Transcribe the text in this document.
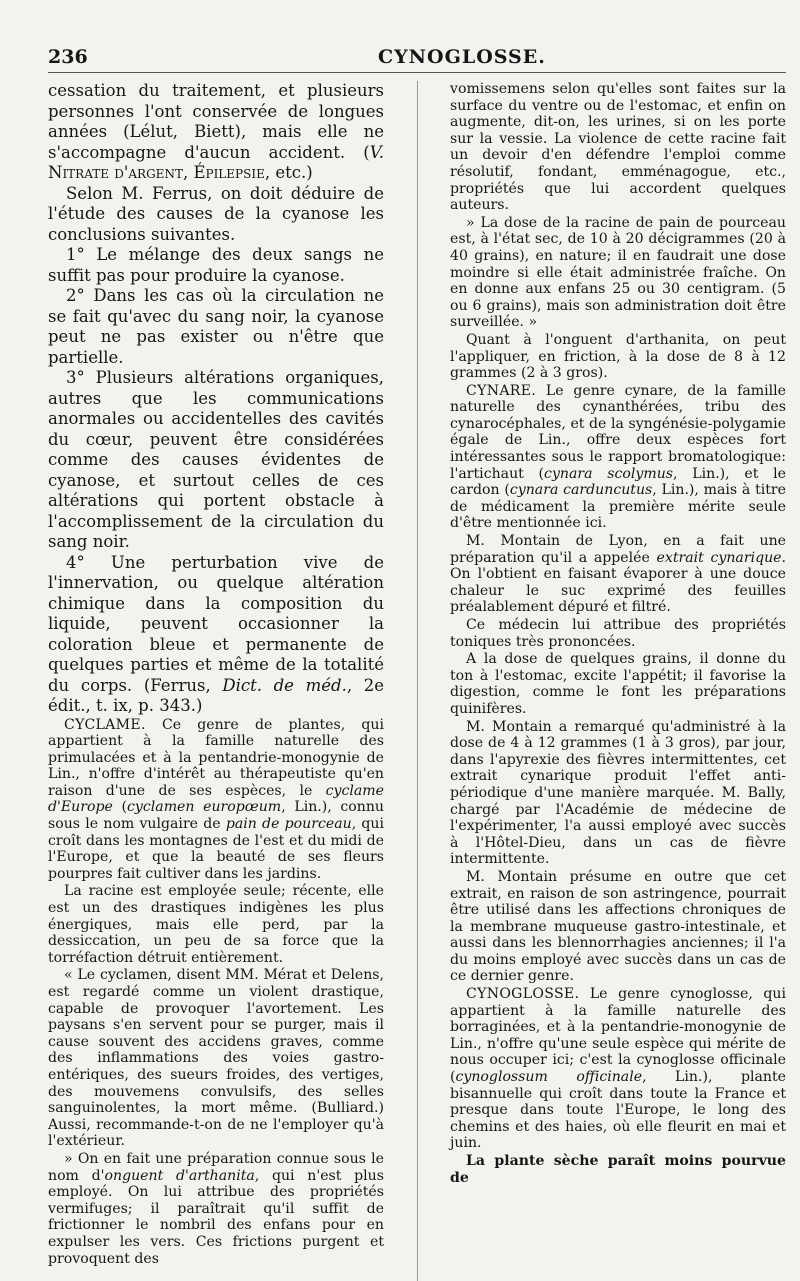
236	CYNOGLOSSE.

cessation du traitement, et plusieurs personnes l'ont conservée de longues années (Lélut, Biett), mais elle ne s'accompagne d'aucun accident. (V. Nitrate d'argent, Épilepsie, etc.)

Selon M. Ferrus, on doit déduire de l'étude des causes de la cyanose les conclusions suivantes.

1° Le mélange des deux sangs ne suffit pas pour produire la cyanose.

2° Dans les cas où la circulation ne se fait qu'avec du sang noir, la cyanose peut ne pas exister ou n'être que partielle.

3° Plusieurs altérations organiques, autres que les communications anormales ou accidentelles des cavités du cœur, peuvent être considérées comme des causes évidentes de cyanose, et surtout celles de ces altérations qui portent obstacle à l'accomplissement de la circulation du sang noir.

4° Une perturbation vive de l'innervation, ou quelque altération chimique dans la composition du liquide, peuvent occasionner la coloration bleue et permanente de quelques parties et même de la totalité du corps. (Ferrus, Dict. de méd., 2e édit., t. ix, p. 343.)

CYCLAME. Ce genre de plantes, qui appartient à la famille naturelle des primulacées et à la pentandrie-monogynie de Lin., n'offre d'intérêt au thérapeutiste qu'en raison d'une de ses espèces, le cyclame d'Europe (cyclamen europœum, Lin.), connu sous le nom vulgaire de pain de pourceau, qui croît dans les montagnes de l'est et du midi de l'Europe, et que la beauté de ses fleurs pourpres fait cultiver dans les jardins.

La racine est employée seule; récente, elle est un des drastiques indigènes les plus énergiques, mais elle perd, par la dessiccation, un peu de sa force que la torréfaction détruit entièrement.

« Le cyclamen, disent MM. Mérat et Delens, est regardé comme un violent drastique, capable de provoquer l'avortement. Les paysans s'en servent pour se purger, mais il cause souvent des accidens graves, comme des inflammations des voies gastro-entériques, des sueurs froides, des vertiges, des mouvemens convulsifs, des selles sanguinolentes, la mort même. (Bulliard.) Aussi, recommande-t-on de ne l'employer qu'à l'extérieur.

» On en fait une préparation connue sous le nom d'onguent d'arthanita, qui n'est plus employé. On lui attribue des propriétés vermifuges; il paraîtrait qu'il suffit de frictionner le nombril des enfans pour en expulser les vers. Ces frictions purgent et provoquent des

vomissemens selon qu'elles sont faites sur la surface du ventre ou de l'estomac, et enfin on augmente, dit-on, les urines, si on les porte sur la vessie. La violence de cette racine fait un devoir d'en défendre l'emploi comme résolutif, fondant, emménagogue, etc., propriétés que lui accordent quelques auteurs.

» La dose de la racine de pain de pourceau est, à l'état sec, de 10 à 20 décigrammes (20 à 40 grains), en nature; il en faudrait une dose moindre si elle était administrée fraîche. On en donne aux enfans 25 ou 30 centigram. (5 ou 6 grains), mais son administration doit être surveillée. »

Quant à l'onguent d'arthanita, on peut l'appliquer, en friction, à la dose de 8 à 12 grammes (2 à 3 gros).

CYNARE. Le genre cynare, de la famille naturelle des cynanthérées, tribu des cynarocéphales, et de la syngénésie-polygamie égale de Lin., offre deux espèces fort intéressantes sous le rapport bromatologique: l'artichaut (cynara scolymus, Lin.), et le cardon (cynara carduncutus, Lin.), mais à titre de médicament la première mérite seule d'être mentionnée ici.

M. Montain de Lyon, en a fait une préparation qu'il a appelée extrait cynarique. On l'obtient en faisant évaporer à une douce chaleur le suc exprimé des feuilles préalablement dépuré et filtré.

Ce médecin lui attribue des propriétés toniques très prononcées.

A la dose de quelques grains, il donne du ton à l'estomac, excite l'appétit; il favorise la digestion, comme le font les préparations quinifères.

M. Montain a remarqué qu'administré à la dose de 4 à 12 grammes (1 à 3 gros), par jour, dans l'apyrexie des fièvres intermittentes, cet extrait cynarique produit l'effet anti-périodique d'une manière marquée. M. Bally, chargé par l'Académie de médecine de l'expérimenter, l'a aussi employé avec succès à l'Hôtel-Dieu, dans un cas de fièvre intermittente.

M. Montain présume en outre que cet extrait, en raison de son astringence, pourrait être utilisé dans les affections chroniques de la membrane muqueuse gastro-intestinale, et aussi dans les blennorrhagies anciennes; il l'a du moins employé avec succès dans un cas de ce dernier genre.

CYNOGLOSSE. Le genre cynoglosse, qui appartient à la famille naturelle des borraginées, et à la pentandrie-monogynie de Lin., n'offre qu'une seule espèce qui mérite de nous occuper ici; c'est la cynoglosse officinale (cynoglossum officinale, Lin.), plante bisannuelle qui croît dans toute la France et presque dans toute l'Europe, le long des chemins et des haies, où elle fleurit en mai et juin.

La plante sèche paraît moins pourvue de
